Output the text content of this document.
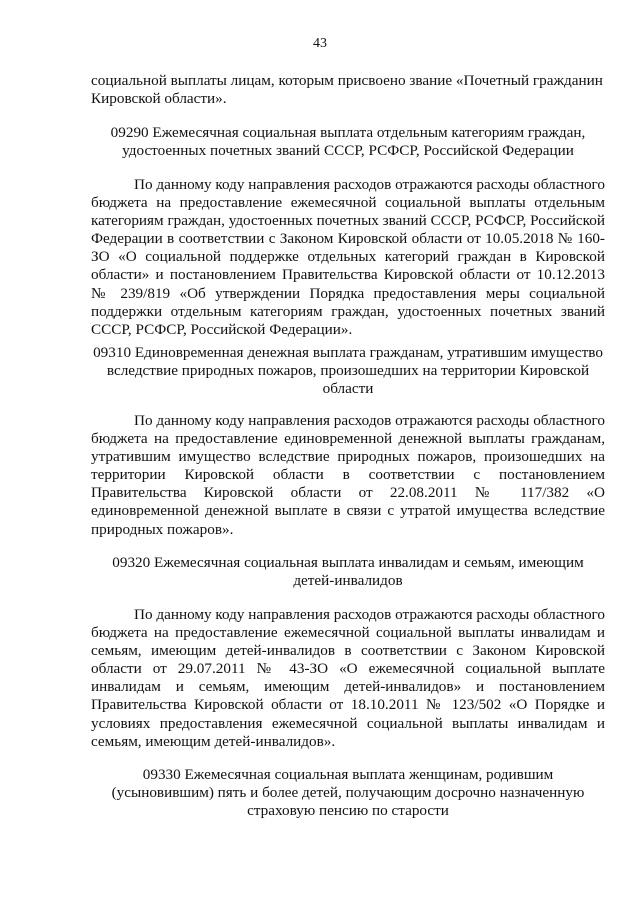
43
социальной выплаты лицам, которым присвоено звание «Почетный гражданин Кировской области».
09290 Ежемесячная социальная выплата отдельным категориям граждан, удостоенных почетных званий СССР, РСФСР, Российской Федерации
По данному коду направления расходов отражаются расходы областного бюджета на предоставление ежемесячной социальной выплаты отдельным категориям граждан, удостоенных почетных званий СССР, РСФСР, Российской Федерации в соответствии с Законом Кировской области от 10.05.2018 № 160-ЗО «О социальной поддержке отдельных категорий граждан в Кировской области» и постановлением Правительства Кировской области от 10.12.2013 № 239/819 «Об утверждении Порядка предоставления меры социальной поддержки отдельным категориям граждан, удостоенных почетных званий СССР, РСФСР, Российской Федерации».
09310 Единовременная денежная выплата гражданам, утратившим имущество вследствие природных пожаров, произошедших на территории Кировской области
По данному коду направления расходов отражаются расходы областного бюджета на предоставление единовременной денежной выплаты гражданам, утратившим имущество вследствие природных пожаров, произошедших на территории Кировской области в соответствии с постановлением Правительства Кировской области от 22.08.2011 № 117/382 «О единовременной денежной выплате в связи с утратой имущества вследствие природных пожаров».
09320 Ежемесячная социальная выплата инвалидам и семьям, имеющим детей-инвалидов
По данному коду направления расходов отражаются расходы областного бюджета на предоставление ежемесячной социальной выплаты инвалидам и семьям, имеющим детей-инвалидов в соответствии с Законом Кировской области от 29.07.2011 № 43-ЗО «О ежемесячной социальной выплате инвалидам и семьям, имеющим детей-инвалидов» и постановлением Правительства Кировской области от 18.10.2011 № 123/502 «О Порядке и условиях предоставления ежемесячной социальной выплаты инвалидам и семьям, имеющим детей-инвалидов».
09330 Ежемесячная социальная выплата женщинам, родившим (усыновившим) пять и более детей, получающим досрочно назначенную страховую пенсию по старости
